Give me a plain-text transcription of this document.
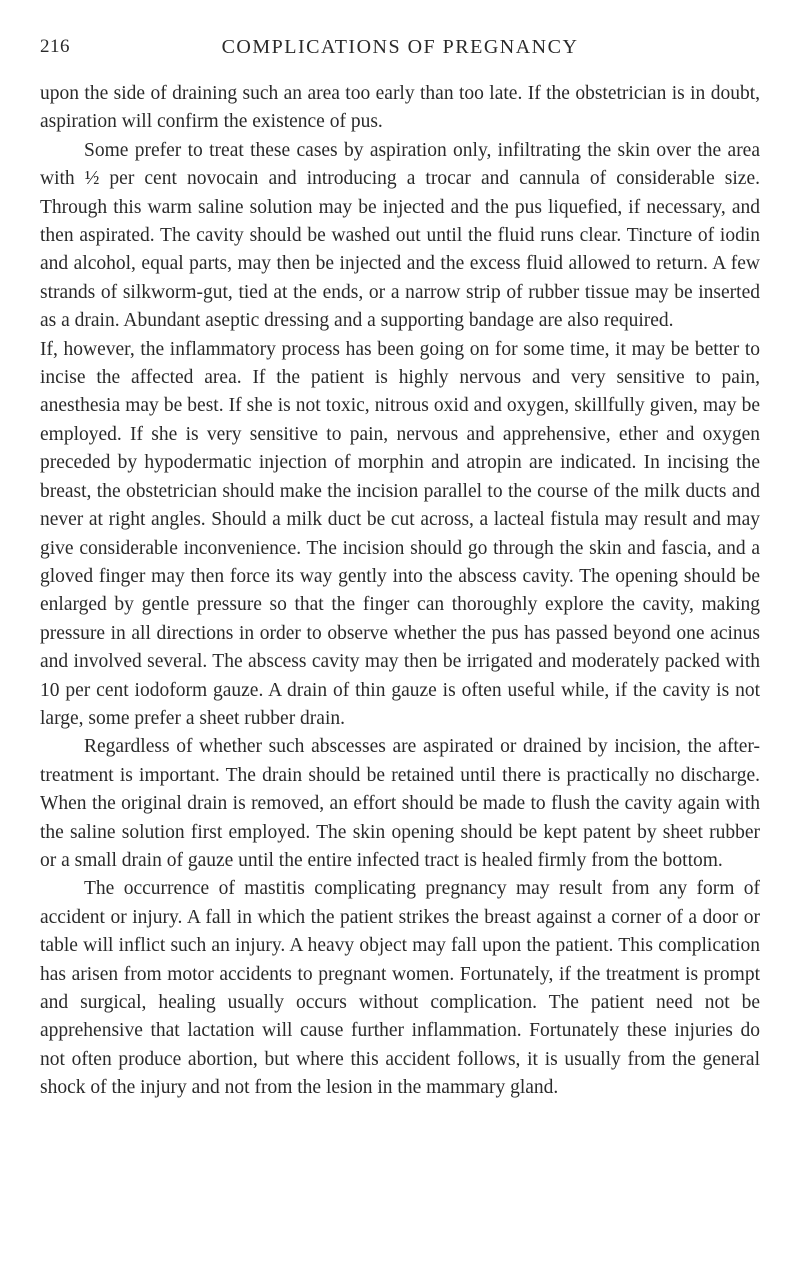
216	COMPLICATIONS OF PREGNANCY

upon the side of draining such an area too early than too late. If the obstetrician is in doubt, aspiration will confirm the existence of pus.

Some prefer to treat these cases by aspiration only, infiltrating the skin over the area with ½ per cent novocain and introducing a trocar and cannula of considerable size. Through this warm saline solution may be injected and the pus liquefied, if necessary, and then aspirated. The cavity should be washed out until the fluid runs clear. Tincture of iodin and alcohol, equal parts, may then be injected and the excess fluid allowed to return. A few strands of silkworm-gut, tied at the ends, or a narrow strip of rubber tissue may be inserted as a drain. Abundant aseptic dressing and a supporting bandage are also required.

If, however, the inflammatory process has been going on for some time, it may be better to incise the affected area. If the patient is highly nervous and very sensitive to pain, anesthesia may be best. If she is not toxic, nitrous oxid and oxygen, skillfully given, may be employed. If she is very sensitive to pain, nervous and apprehensive, ether and oxygen preceded by hypodermatic injection of morphin and atropin are indicated. In incising the breast, the obstetrician should make the incision parallel to the course of the milk ducts and never at right angles. Should a milk duct be cut across, a lacteal fistula may result and may give considerable inconvenience. The incision should go through the skin and fascia, and a gloved finger may then force its way gently into the abscess cavity. The opening should be enlarged by gentle pressure so that the finger can thoroughly explore the cavity, making pressure in all directions in order to observe whether the pus has passed beyond one acinus and involved several. The abscess cavity may then be irrigated and moderately packed with 10 per cent iodoform gauze. A drain of thin gauze is often useful while, if the cavity is not large, some prefer a sheet rubber drain.

Regardless of whether such abscesses are aspirated or drained by incision, the after-treatment is important. The drain should be retained until there is practically no discharge. When the original drain is removed, an effort should be made to flush the cavity again with the saline solution first employed. The skin opening should be kept patent by sheet rubber or a small drain of gauze until the entire infected tract is healed firmly from the bottom.

The occurrence of mastitis complicating pregnancy may result from any form of accident or injury. A fall in which the patient strikes the breast against a corner of a door or table will inflict such an injury. A heavy object may fall upon the patient. This complication has arisen from motor accidents to pregnant women. Fortunately, if the treatment is prompt and surgical, healing usually occurs without complication. The patient need not be apprehensive that lactation will cause further inflammation. Fortunately these injuries do not often produce abortion, but where this accident follows, it is usually from the general shock of the injury and not from the lesion in the mammary gland.
